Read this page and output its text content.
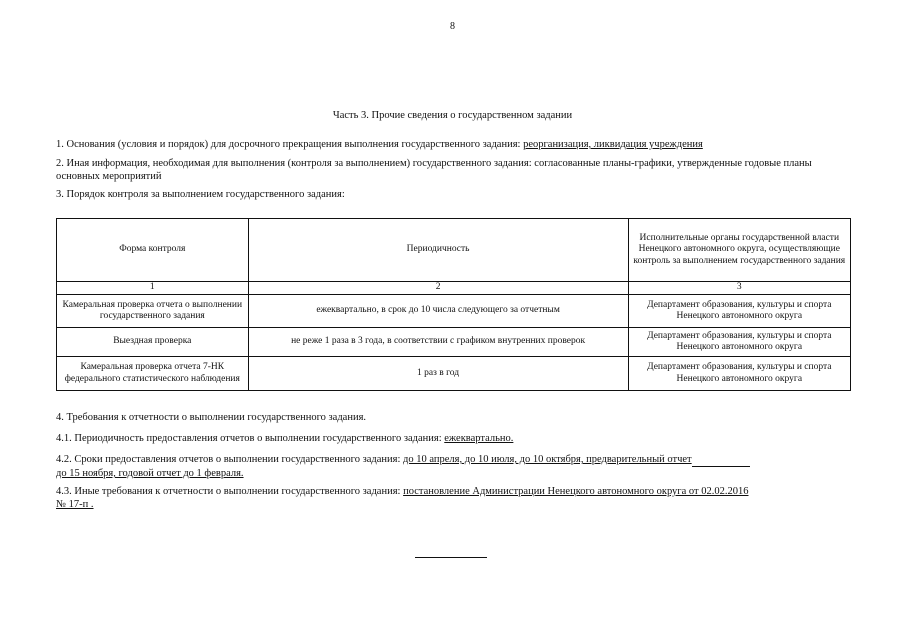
8
Часть 3. Прочие сведения о государственном задании
1. Основания (условия и порядок) для досрочного прекращения выполнения государственного задания: реорганизация, ликвидация учреждения
2. Иная информация, необходимая для выполнения (контроля за выполнением) государственного задания: согласованные планы-графики, утвержденные годовые планы основных мероприятий
3. Порядок контроля за выполнением государственного задания:
Форма контроля	Периодичность	Исполнительные органы государственной власти Ненецкого автономного округа, осуществляющие контроль за выполнением государственного задания
1	2	3
Камеральная проверка отчета о выполнении государственного задания	ежеквартально, в срок до 10 числа следующего за отчетным	Департамент образования, культуры и спорта Ненецкого автономного округа
Выездная проверка	не реже 1 раза в 3 года, в соответствии с графиком внутренних проверок	Департамент образования, культуры и спорта Ненецкого автономного округа
Камеральная проверка отчета 7-НК федерального статистического наблюдения	1 раз в год	Департамент образования, культуры и спорта Ненецкого автономного округа
4. Требования к отчетности о выполнении государственного задания.
4.1. Периодичность предоставления отчетов о выполнении государственного задания: ежеквартально.
4.2. Сроки предоставления отчетов о выполнении государственного задания: до 10 апреля, до 10 июля, до 10 октября, предварительный отчет
до 15 ноября, годовой отчет до 1 февраля.
4.3. Иные требования к отчетности о выполнении государственного задания: постановление Администрации Ненецкого автономного округа от 02.02.2016
№ 17-п .
